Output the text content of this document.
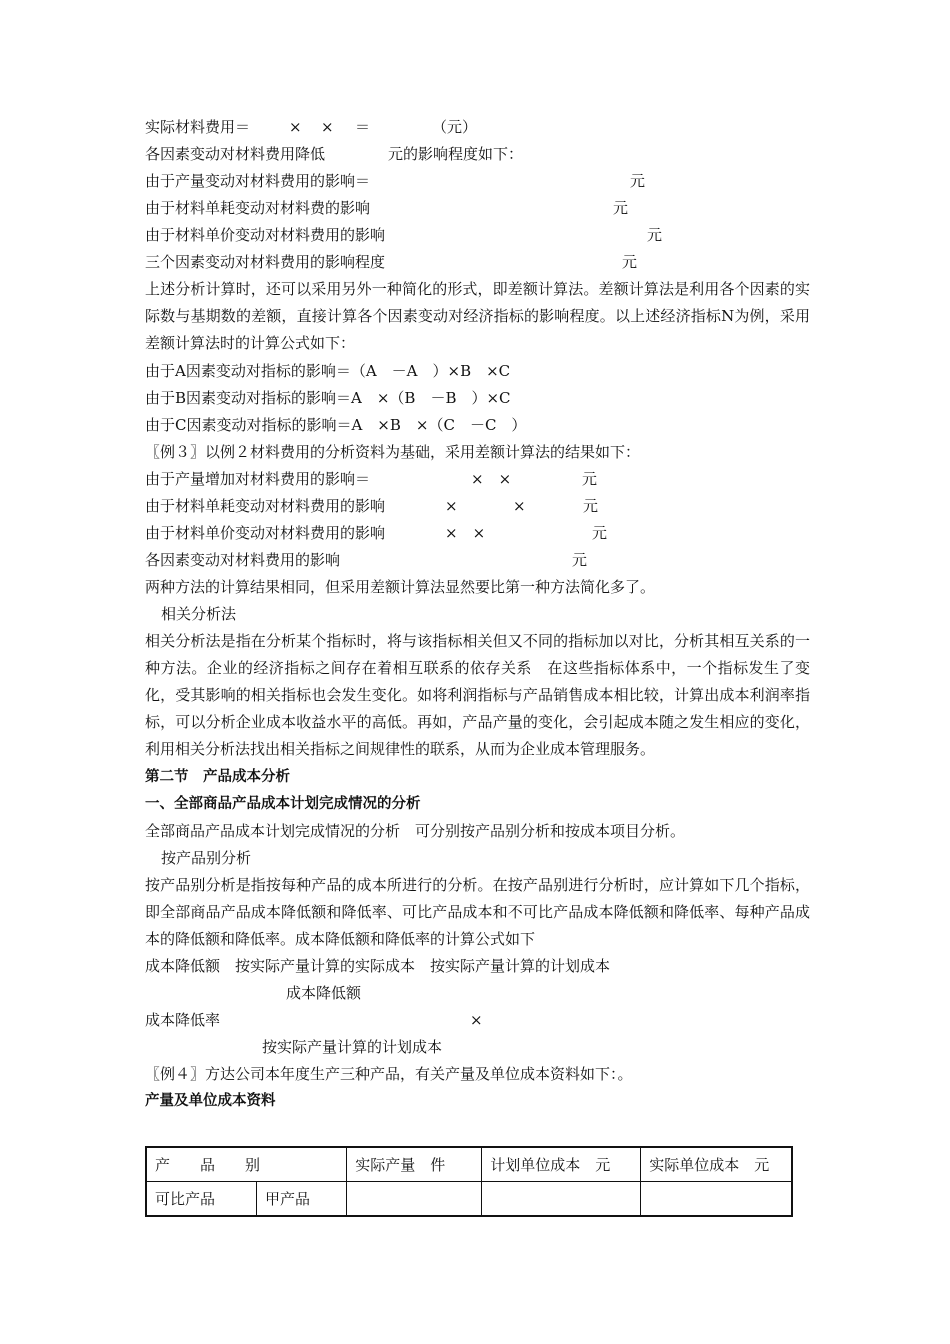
实际材料费用＝	× × ＝	（元）
各因素变动对材料费用降低	元的影响程度如下：
由于产量变动对材料费用的影响＝	元
由于材料单耗变动对材料费的影响	元
由于材料单价变动对材料费用的影响	元
三个因素变动对材料费用的影响程度	元
上述分析计算时，还可以采用另外一种简化的形式，即差额计算法。差额计算法是利用各个因素的实际数与基期数的差额，直接计算各个因素变动对经济指标的影响程度。以上述经济指标N为例，采用差额计算法时的计算公式如下：
由于A因素变动对指标的影响＝（A　－A　）×B　×C
由于B因素变动对指标的影响＝A　×（B　－B　）×C
由于C因素变动对指标的影响＝A　×B　×（C　－C　）
〖例３〗以例２材料费用的分析资料为基础，采用差额计算法的结果如下：
由于产量增加对材料费用的影响＝	×　×	元
由于材料单耗变动对材料费用的影响	×	×	元
由于材料单价变动对材料费用的影响	×　×	元
各因素变动对材料费用的影响	元
两种方法的计算结果相同，但采用差额计算法显然要比第一种方法简化多了。
相关分析法
相关分析法是指在分析某个指标时，将与该指标相关但又不同的指标加以对比，分析其相互关系的一种方法。企业的经济指标之间存在着相互联系的依存关系　在这些指标体系中，一个指标发生了变化，受其影响的相关指标也会发生变化。如将利润指标与产品销售成本相比较，计算出成本利润率指标，可以分析企业成本收益水平的高低。再如，产品产量的变化，会引起成本随之发生相应的变化，利用相关分析法找出相关指标之间规律性的联系，从而为企业成本管理服务。
第二节　产品成本分析
一、全部商品产品成本计划完成情况的分析
全部商品产品成本计划完成情况的分析　可分别按产品别分析和按成本项目分析。
按产品别分析
按产品别分析是指按每种产品的成本所进行的分析。在按产品别进行分析时，应计算如下几个指标，即全部商品产品成本降低额和降低率、可比产品成本和不可比产品成本降低额和降低率、每种产品成本的降低额和降低率。成本降低额和降低率的计算公式如下
成本降低额　按实际产量计算的实际成本　按实际产量计算的计划成本
成本降低额
成本降低率	×
按实际产量计算的计划成本
〖例４〗方达公司本年度生产三种产品，有关产量及单位成本资料如下：。
产量及单位成本资料
产　　品　　别		实际产量　件	计划单位成本　元	实际单位成本　元
可比产品	甲产品			
